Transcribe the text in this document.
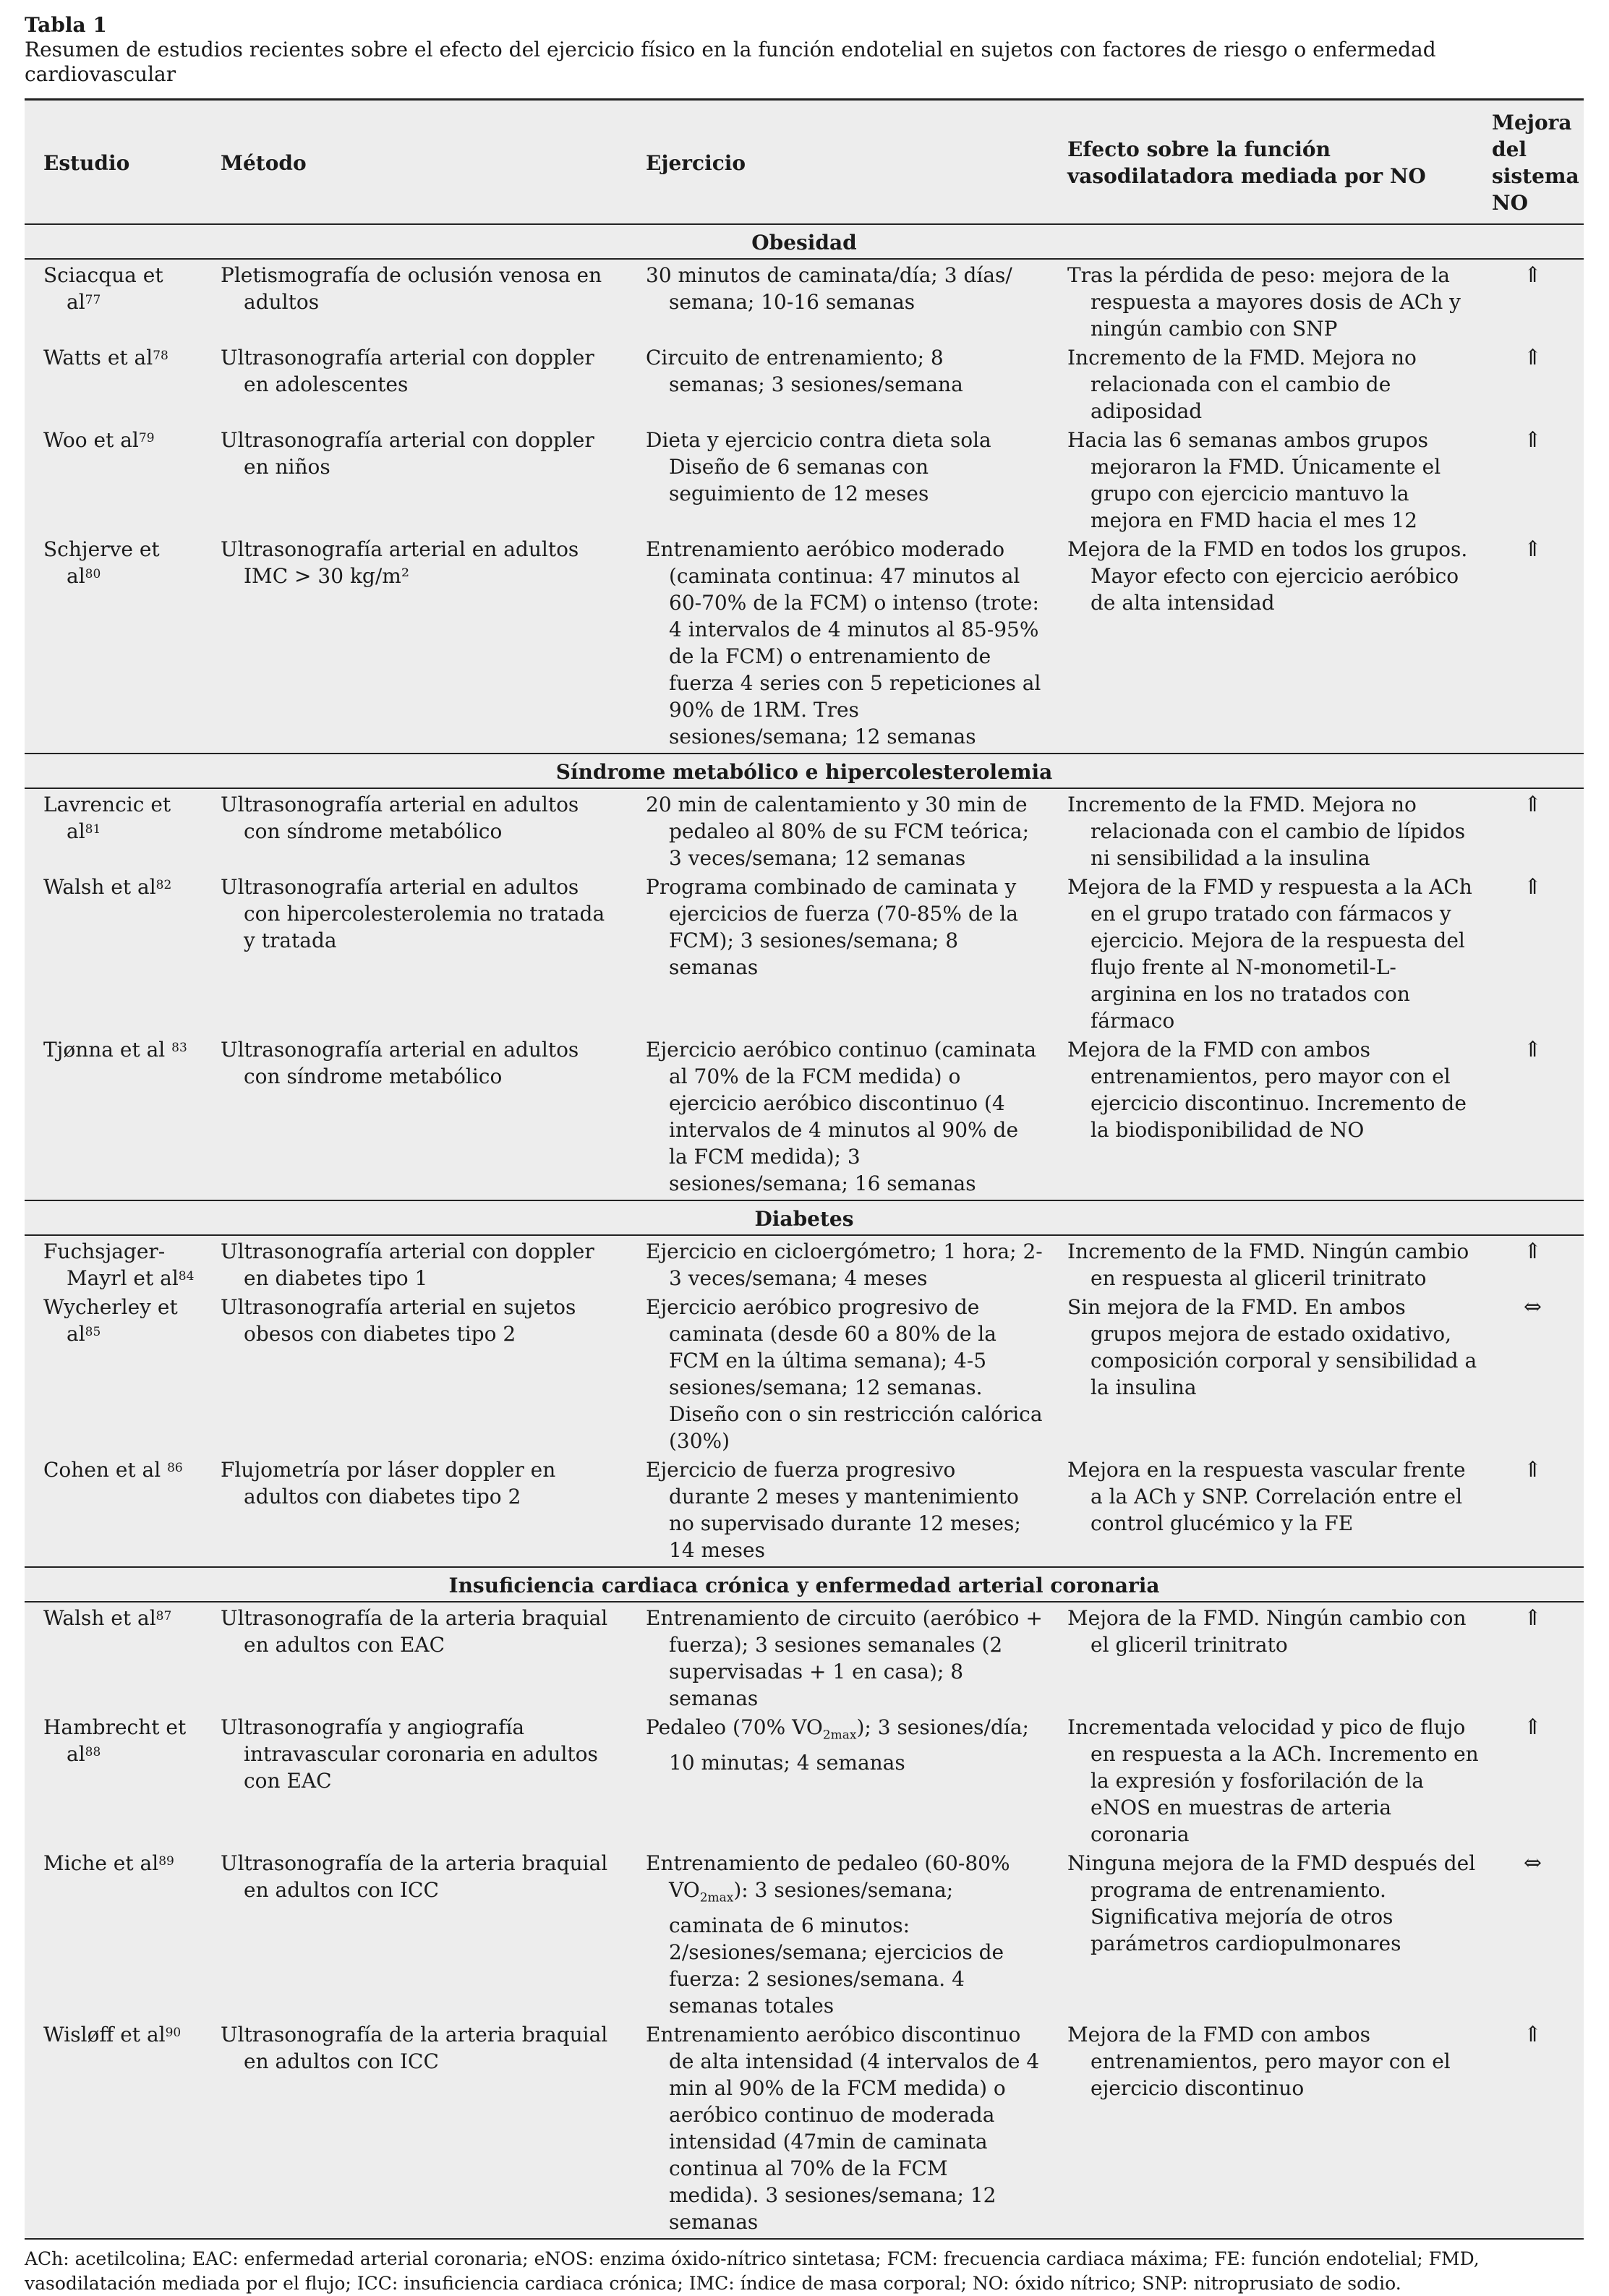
Tabla 1
Resumen de estudios recientes sobre el efecto del ejercicio físico en la función endotelial en sujetos con factores de riesgo o enfermedad cardiovascular
Estudio	Método	Ejercicio	Efecto sobre la función vasodilatadora mediada por NO	Mejora del sistema NO
Obesidad				

Sciacqua et $al^{77}$	Pletismografía de oclusión venosa en adultos	30 minutos de caminata/día; 3 días/ semana; 10-16 semanas	Tras la pérdida de peso: mejora de la respuesta a mayores dosis de ACh y ningún cambio con SNP	⇑

Watts et $al^{78}$	Ultrasonografía arterial con doppler en adolescentes	Circuito de entrenamiento; 8 semanas; 3 sesiones/semana	Incremento de la FMD. Mejora no relacionada con el cambio de adiposidad	⇑

Woo et $al^{79}$	Ultrasonografía arterial con doppler en niños	Dieta y ejercicio contra dieta sola Diseño de 6 semanas con seguimiento de 12 meses	Hacia las 6 semanas ambos grupos mejoraron la FMD. Únicamente el grupo con ejercicio mantuvo la mejora en FMD hacia el mes 12	⇑

Schjerve et $al^{80}$	Ultrasonografía arterial en adultos IMC > 30 kg/m²	Entrenamiento aeróbico moderado (caminata continua: 47 minutos al 60-70% de la FCM) o intenso (trote: 4 intervalos de 4 minutos al 85-95% de la FCM) o entrenamiento de fuerza 4 series con 5 repeticiones al 90% de 1RM. Tres sesiones/semana; 12 semanas	Mejora de la FMD en todos los grupos. Mayor efecto con ejercicio aeróbico de alta intensidad	⇑

Síndrome metabólico e hipercolesterolemia				

Lavrencic et $al^{81}$	Ultrasonografía arterial en adultos con síndrome metabólico	20 min de calentamiento y 30 min de pedaleo al 80% de su FCM teórica; 3 veces/semana; 12 semanas	Incremento de la FMD. Mejora no relacionada con el cambio de lípidos ni sensibilidad a la insulina	⇑

Walsh et $al^{82}$	Ultrasonografía arterial en adultos con hipercolesterolemia no tratada y tratada	Programa combinado de caminata y ejercicios de fuerza (70-85% de la FCM); 3 sesiones/semana; 8 semanas	Mejora de la FMD y respuesta a la ACh en el grupo tratado con fármacos y ejercicio. Mejora de la respuesta del flujo frente al N-monometil-L-arginina en los no tratados con fármaco	⇑

Tjønna et al $^{83}$	Ultrasonografía arterial en adultos con síndrome metabólico	Ejercicio aeróbico continuo (caminata al 70% de la FCM medida) o ejercicio aeróbico discontinuo (4 intervalos de 4 minutos al 90% de la FCM medida); 3 sesiones/semana; 16 semanas	Mejora de la FMD con ambos entrenamientos, pero mayor con el ejercicio discontinuo. Incremento de la biodisponibilidad de NO	⇑

Diabetes				

Fuchsjager-Mayrl et $al^{84}$	Ultrasonografía arterial con doppler en diabetes tipo 1	Ejercicio en cicloergómetro; 1 hora; 2-3 veces/semana; 4 meses	Incremento de la FMD. Ningún cambio en respuesta al gliceril trinitrato	⇑

Wycherley et $al^{85}$	Ultrasonografía arterial en sujetos obesos con diabetes tipo 2	Ejercicio aeróbico progresivo de caminata (desde 60 a 80% de la FCM en la última semana); 4-5 sesiones/semana; 12 semanas. Diseño con o sin restricción calórica (30%)	Sin mejora de la FMD. En ambos grupos mejora de estado oxidativo, composición corporal y sensibilidad a la insulina	⇔

Cohen et al $^{86}$	Flujometría por láser doppler en adultos con diabetes tipo 2	Ejercicio de fuerza progresivo durante 2 meses y mantenimiento no supervisado durante 12 meses; 14 meses	Mejora en la respuesta vascular frente a la ACh y SNP. Correlación entre el control glucémico y la FE	⇑

Insuficiencia cardiaca crónica y enfermedad arterial coronaria				

Walsh et $al^{87}$	Ultrasonografía de la arteria braquial en adultos con EAC	Entrenamiento de circuito (aeróbico + fuerza); 3 sesiones semanales (2 supervisadas + 1 en casa); 8 semanas	Mejora de la FMD. Ningún cambio con el gliceril trinitrato	⇑

Hambrecht et $al^{88}$	Ultrasonografía y angiografía intravascular coronaria en adultos con EAC	Pedaleo (70% $VO_{2max}$); 3 sesiones/día; 10 minutas; 4 semanas	Incrementada velocidad y pico de flujo en respuesta a la ACh. Incremento en la expresión y fosforilación de la eNOS en muestras de arteria coronaria	⇑

Miche et $al^{89}$	Ultrasonografía de la arteria braquial en adultos con ICC	Entrenamiento de pedaleo (60-80% $VO_{2max}$): 3 sesiones/semana; caminata de 6 minutos: 2/sesiones/semana; ejercicios de fuerza: 2 sesiones/semana. 4 semanas totales	Ninguna mejora de la FMD después del programa de entrenamiento. Significativa mejoría de otros parámetros cardiopulmonares	⇔

Wisløff et $al^{90}$	Ultrasonografía de la arteria braquial en adultos con ICC	Entrenamiento aeróbico discontinuo de alta intensidad (4 intervalos de 4 min al 90% de la FCM medida) o aeróbico continuo de moderada intensidad (47min de caminata continua al 70% de la FCM medida). 3 sesiones/semana; 12 semanas	Mejora de la FMD con ambos entrenamientos, pero mayor con el ejercicio discontinuo	⇑
ACh: acetilcolina; EAC: enfermedad arterial coronaria; eNOS: enzima óxido-nítrico sintetasa; FCM: frecuencia cardiaca máxima; FE: función endotelial; FMD, vasodilatación mediada por el flujo; ICC: insuficiencia cardiaca crónica; IMC: índice de masa corporal; NO: óxido nítrico; SNP: nitroprusiato de sodio.
